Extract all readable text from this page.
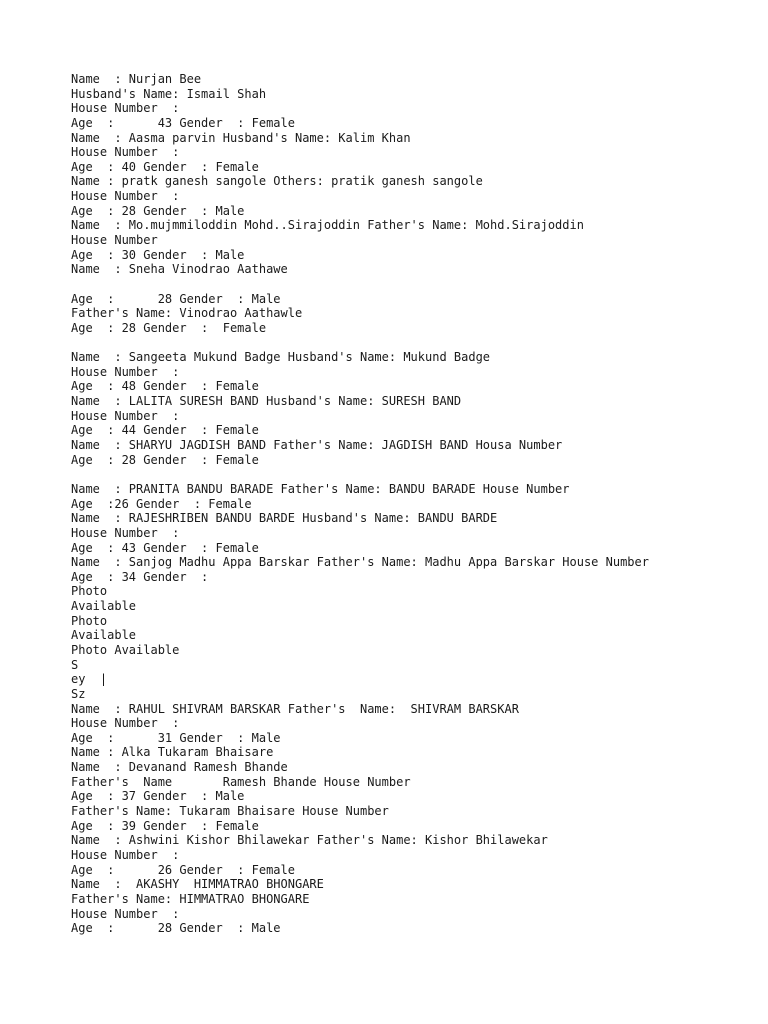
Name  : Nurjan Bee
Husband's Name: Ismail Shah
House Number  :
Age  :      43 Gender  : Female
Name  : Aasma parvin Husband's Name: Kalim Khan
House Number  :
Age  : 40 Gender  : Female
Name : pratk ganesh sangole Others: pratik ganesh sangole
House Number  :
Age  : 28 Gender  : Male
Name  : Mo.mujmmiloddin Mohd..Sirajoddin Father's Name: Mohd.Sirajoddin
House Number
Age  : 30 Gender  : Male
Name  : Sneha Vinodrao Aathawe
Age  :      28 Gender  : Male
Father's Name: Vinodrao Aathawle
Age  : 28 Gender  :  Female
Name  : Sangeeta Mukund Badge Husband's Name: Mukund Badge
House Number  :
Age  : 48 Gender  : Female
Name  : LALITA SURESH BAND Husband's Name: SURESH BAND
House Number  :
Age  : 44 Gender  : Female
Name  : SHARYU JAGDISH BAND Father's Name: JAGDISH BAND Housa Number
Age  : 28 Gender  : Female
Name  : PRANITA BANDU BARADE Father's Name: BANDU BARADE House Number
Age  :26 Gender  : Female
Name  : RAJESHRIBEN BANDU BARDE Husband's Name: BANDU BARDE
House Number  :
Age  : 43 Gender  : Female
Name  : Sanjog Madhu Appa Barskar Father's Name: Madhu Appa Barskar House Number
Age  : 34 Gender  :
Photo
Available
Photo
Available
Photo Available
S
ey  |
Sz
Name  : RAHUL SHIVRAM BARSKAR Father's  Name:  SHIVRAM BARSKAR
House Number  :
Age  :      31 Gender  : Male
Name : Alka Tukaram Bhaisare
Name  : Devanand Ramesh Bhande
Father's  Name       Ramesh Bhande House Number
Age  : 37 Gender  : Male
Father's Name: Tukaram Bhaisare House Number
Age  : 39 Gender  : Female
Name  : Ashwini Kishor Bhilawekar Father's Name: Kishor Bhilawekar
House Number  :
Age  :      26 Gender  : Female
Name  :  AKASHY  HIMMATRAO BHONGARE
Father's Name: HIMMATRAO BHONGARE
House Number  :
Age  :      28 Gender  : Male
